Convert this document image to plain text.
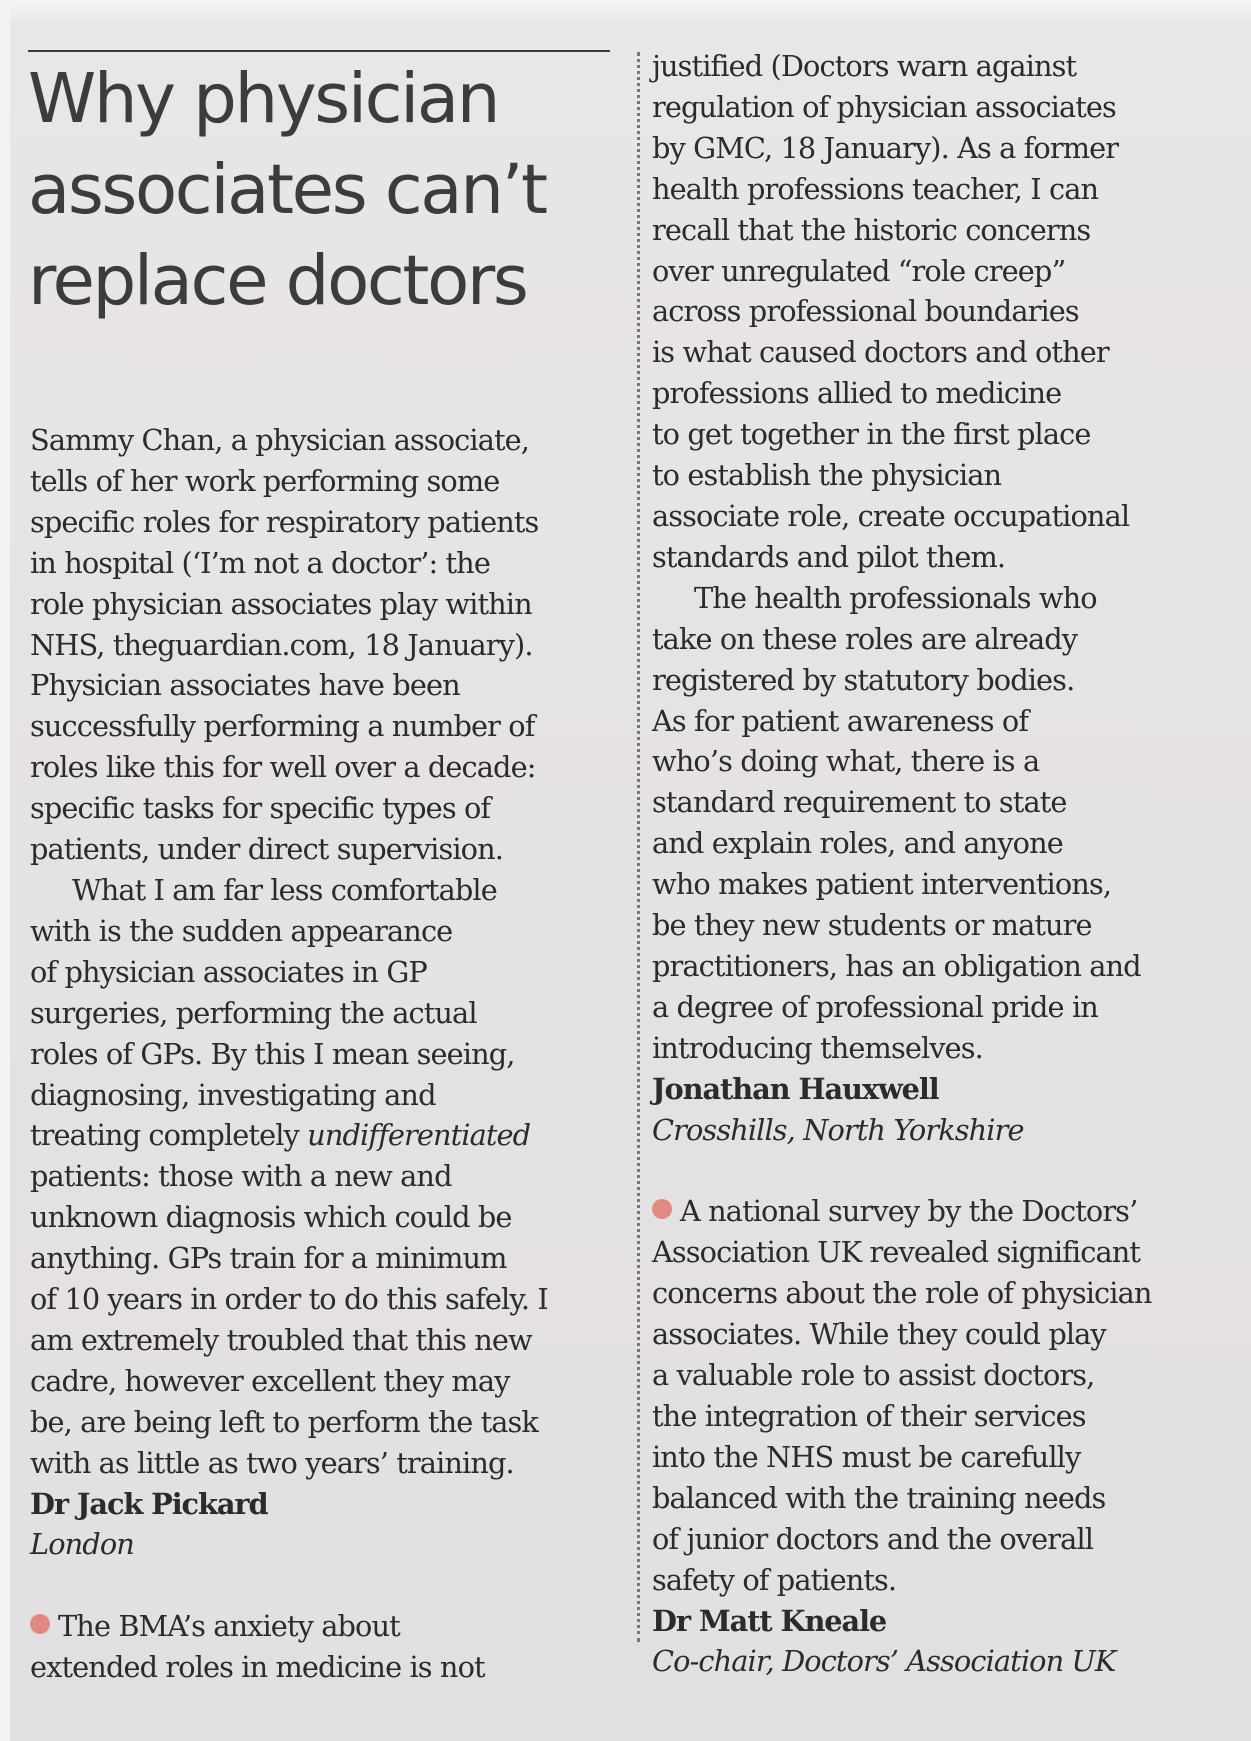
Why physician
associates can’t
replace doctors

Sammy Chan, a physician associate,
tells of her work performing some
specific roles for respiratory patients
in hospital (‘I’m not a doctor’: the
role physician associates play within
NHS, theguardian.com, 18 January).
Physician associates have been
successfully performing a number of
roles like this for well over a decade:
specific tasks for specific types of
patients, under direct supervision.

What I am far less comfortable
with is the sudden appearance
of physician associates in GP
surgeries, performing the actual
roles of GPs. By this I mean seeing,
diagnosing, investigating and
treating completely undifferentiated
patients: those with a new and
unknown diagnosis which could be
anything. GPs train for a minimum
of 10 years in order to do this safely. I
am extremely troubled that this new
cadre, however excellent they may
be, are being left to perform the task
with as little as two years’ training.

Dr Jack Pickard

London

The BMA’s anxiety about
extended roles in medicine is not

justified (Doctors warn against
regulation of physician associates
by GMC, 18 January). As a former
health professions teacher, I can
recall that the historic concerns
over unregulated “role creep”
across professional boundaries
is what caused doctors and other
professions allied to medicine
to get together in the first place
to establish the physician
associate role, create occupational
standards and pilot them.

The health professionals who
take on these roles are already
registered by statutory bodies.
As for patient awareness of
who’s doing what, there is a
standard requirement to state
and explain roles, and anyone
who makes patient interventions,
be they new students or mature
practitioners, has an obligation and
a degree of professional pride in
introducing themselves.

Jonathan Hauxwell

Crosshills, North Yorkshire

A national survey by the Doctors’
Association UK revealed significant
concerns about the role of physician
associates. While they could play
a valuable role to assist doctors,
the integration of their services
into the NHS must be carefully
balanced with the training needs
of junior doctors and the overall
safety of patients.

Dr Matt Kneale

Co-chair, Doctors’ Association UK
